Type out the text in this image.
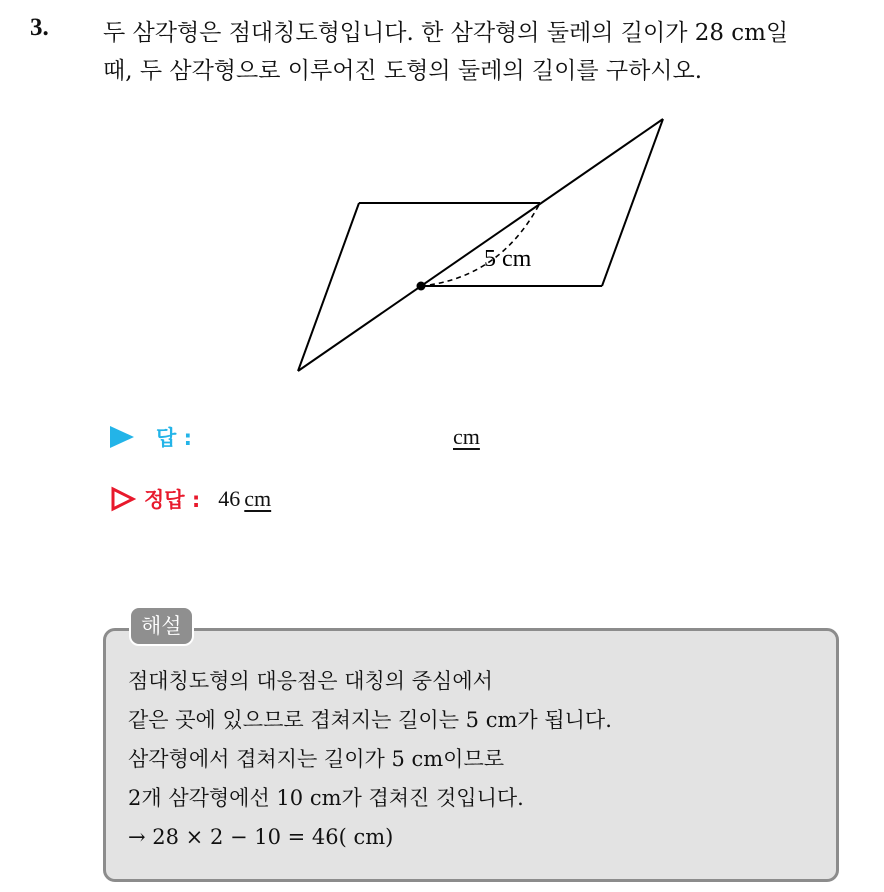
3. 두 삼각형은 점대칭도형입니다. 한 삼각형의 둘레의 길이가 28 cm일
때, 두 삼각형으로 이루어진 도형의 둘레의 길이를 구하시오.
5 cm
답 :	cm
정답 : 46 cm
해설
점대칭도형의 대응점은 대칭의 중심에서
같은 곳에 있으므로 겹쳐지는 길이는 5 cm가 됩니다.
삼각형에서 겹쳐지는 길이가 5 cm이므로
2개 삼각형에선 10 cm가 겹쳐진 것입니다.
→ 28 × 2 − 10 = 46( cm)
